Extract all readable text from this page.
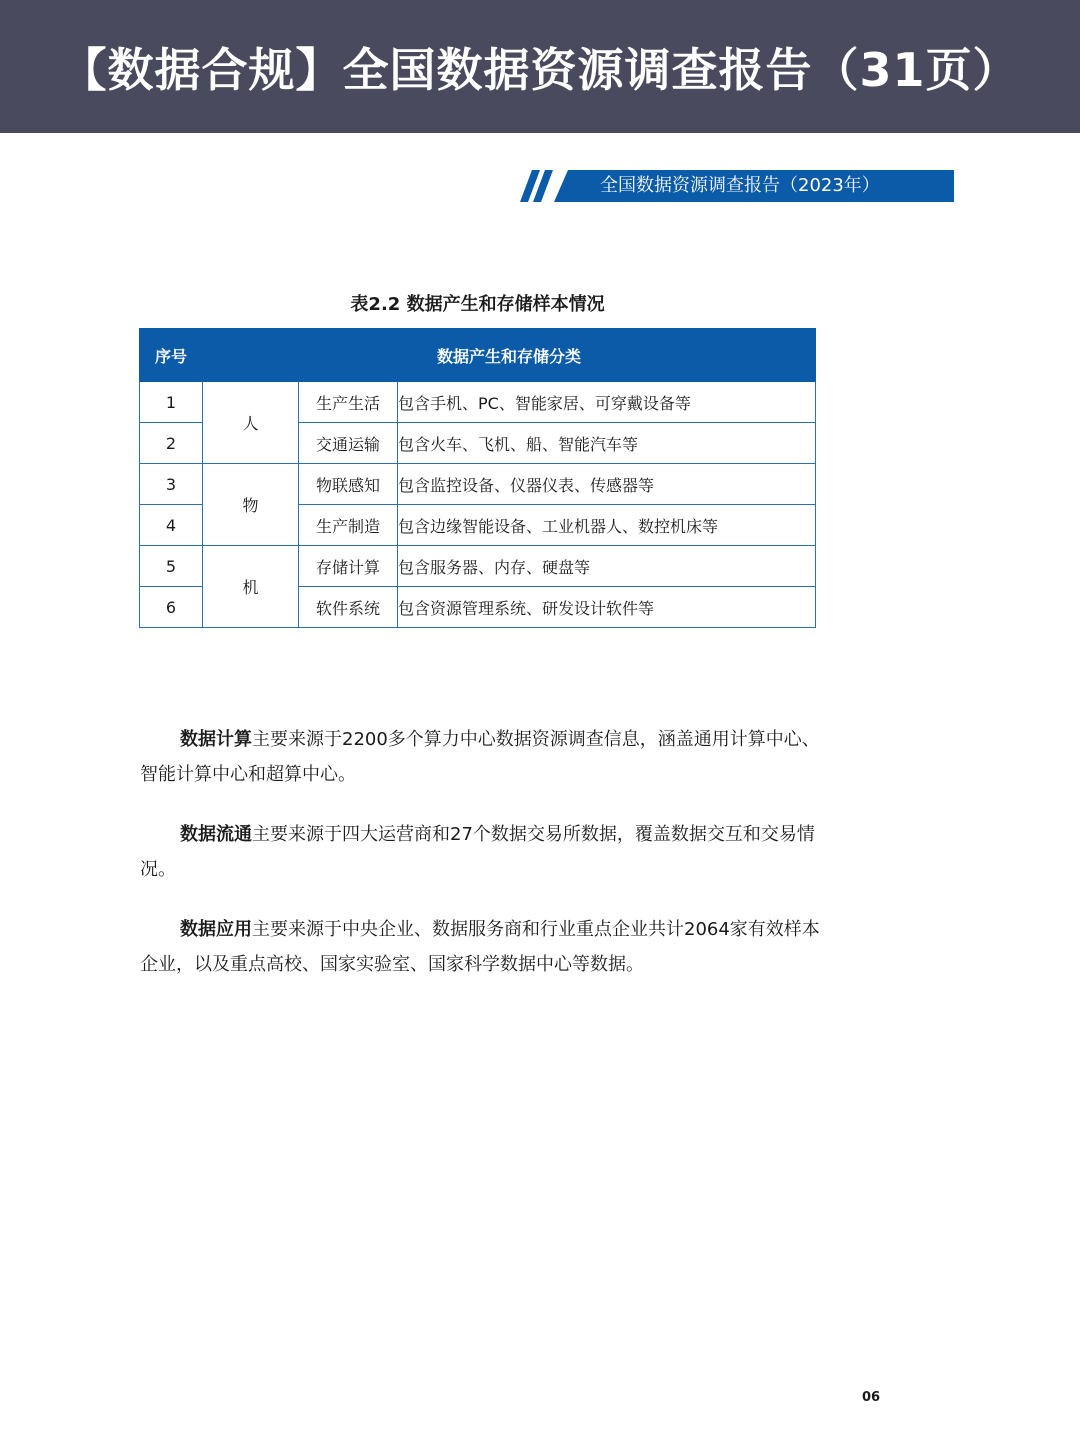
【数据合规】全国数据资源调查报告（31页）
全国数据资源调查报告（2023年）
表2.2 数据产生和存储样本情况
序号	数据产生和存储分类		
1	人	生产生活	包含手机、PC、智能家居、可穿戴设备等
2		交通运输	包含火车、飞机、船、智能汽车等
3	物	物联感知	包含监控设备、仪器仪表、传感器等
4		生产制造	包含边缘智能设备、工业机器人、数控机床等
5	机	存储计算	包含服务器、内存、硬盘等
6		软件系统	包含资源管理系统、研发设计软件等

数据计算主要来源于2200多个算力中心数据资源调查信息，涵盖通用计算中心、智能计算中心和超算中心。

数据流通主要来源于四大运营商和27个数据交易所数据，覆盖数据交互和交易情况。

数据应用主要来源于中央企业、数据服务商和行业重点企业共计2064家有效样本企业，以及重点高校、国家实验室、国家科学数据中心等数据。

06
